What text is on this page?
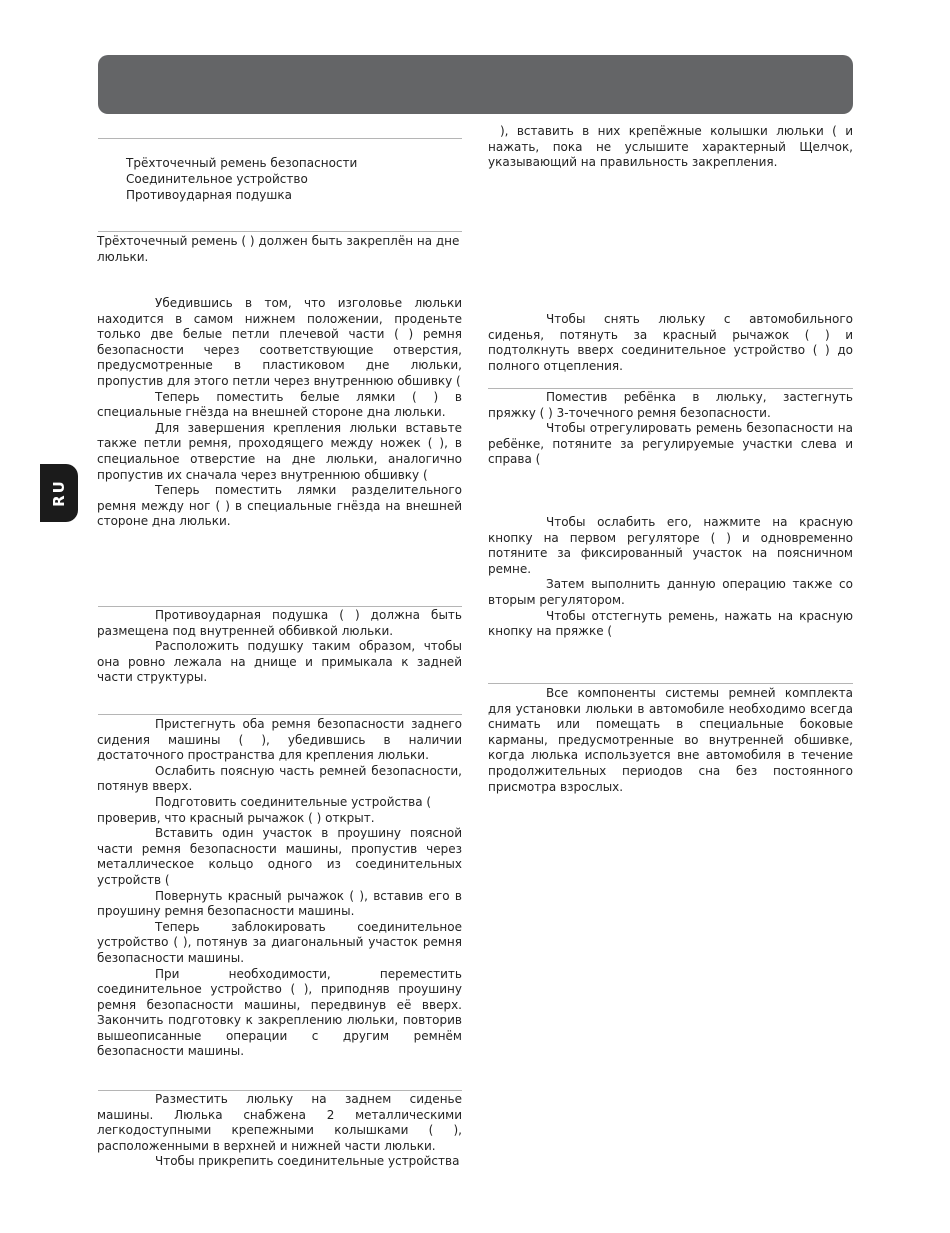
RU
Трёхточечный ремень безопасности
Соединительное устройство
Противоударная подушка

Трёхточечный ремень ( ) должен быть закреплён на дне люльки.

Убедившись в том, что изголовье люльки находится в самом нижнем положении, проденьте только две белые петли плечевой части ( ) ремня безопасности через соответствующие отверстия, предусмотренные в пластиковом дне люльки, пропустив для этого петли через внутреннюю обшивку (

Теперь поместить белые лямки ( ) в специальные гнёзда на внешней стороне дна люльки.

Для завершения крепления люльки вставьте также петли ремня, проходящего между ножек ( ), в специальное отверстие на дне люльки, аналогично пропустив их сначала через внутреннюю обшивку (

Теперь поместить лямки разделительного ремня между ног ( ) в специальные гнёзда на внешней стороне дна люльки.

Противоударная подушка ( ) должна быть размещена под внутренней оббивкой люльки.

Расположить подушку таким образом, чтобы она ровно лежала на днище и примыкала к задней части структуры.

Пристегнуть оба ремня безопасности заднего сидения машины ( ), убедившись в наличии достаточного пространства для крепления люльки.

Ослабить поясную часть ремней безопасности, потянув вверх.

Подготовить соединительные устройства ( проверив, что красный рычажок ( ) открыт.

Вставить один участок в проушину поясной части ремня безопасности машины, пропустив через металлическое кольцо одного из соединительных устройств (

Повернуть красный рычажок ( ), вставив его в проушину ремня безопасности машины.

Теперь заблокировать соединительное устройство ( ), потянув за диагональный участок ремня безопасности машины.

При необходимости, переместить соединительное устройство ( ), приподняв проушину ремня безопасности машины, передвинув её вверх. Закончить подготовку к закреплению люльки, повторив вышеописанные операции с другим ремнём безопасности машины.

Разместить люльку на заднем сиденье машины. Люлька снабжена 2 металлическими легкодоступными крепежными колышками ( ), расположенными в верхней и нижней части люльки.

Чтобы прикрепить соединительные устройства

), вставить в них крепёжные колышки люльки ( и нажать, пока не услышите характерный Щелчок, указывающий на правильность закрепления.

Чтобы снять люльку с автомобильного сиденья, потянуть за красный рычажок ( ) и подтолкнуть вверх соединительное устройство ( ) до полного отцепления.

Поместив ребёнка в люльку, застегнуть пряжку ( ) 3-точечного ремня безопасности.

Чтобы отрегулировать ремень безопасности на ребёнке, потяните за регулируемые участки слева и справа (

Чтобы ослабить его, нажмите на красную кнопку на первом регуляторе ( ) и одновременно потяните за фиксированный участок на поясничном ремне.

Затем выполнить данную операцию также со вторым регулятором.

Чтобы отстегнуть ремень, нажать на красную кнопку на пряжке (

Все компоненты системы ремней комплекта для установки люльки в автомобиле необходимо всегда снимать или помещать в специальные боковые карманы, предусмотренные во внутренней обшивке, когда люлька используется вне автомобиля в течение продолжительных периодов сна без постоянного присмотра взрослых.
